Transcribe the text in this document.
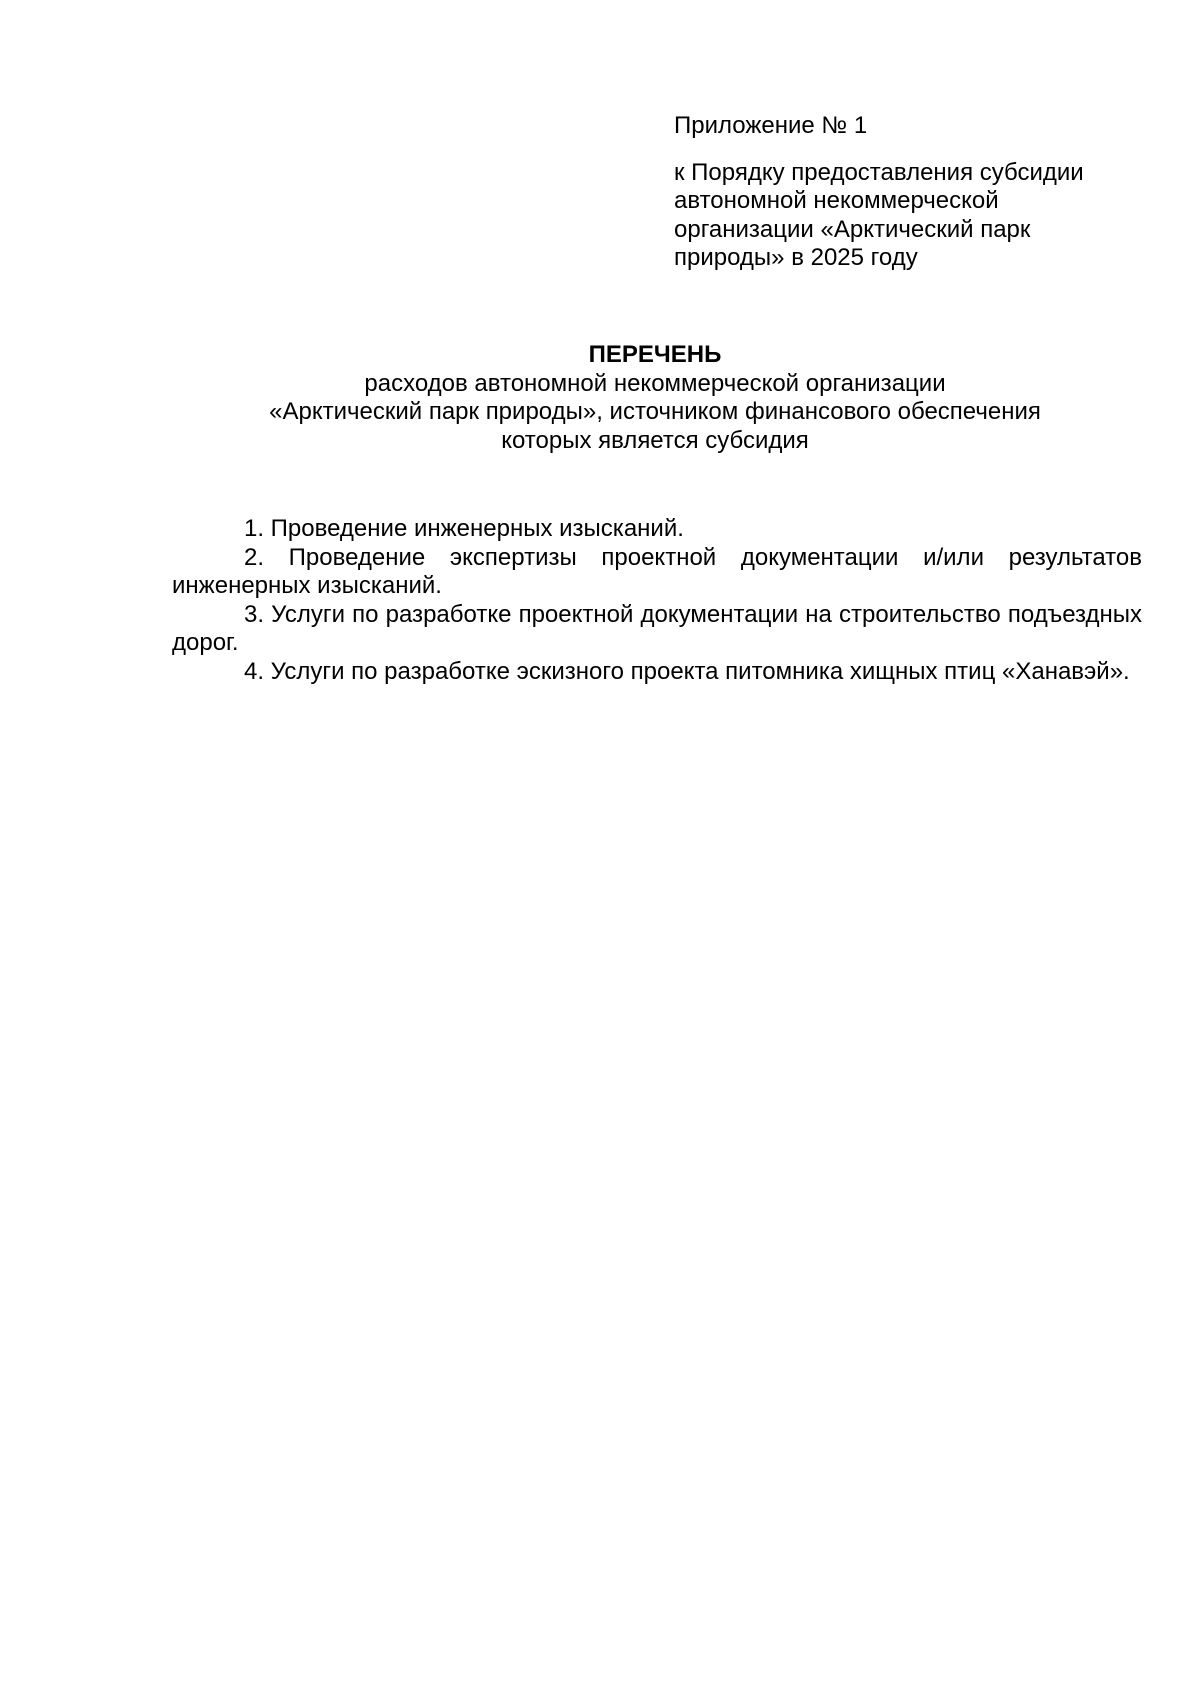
Приложение № 1
к Порядку предоставления субсидии
автономной некоммерческой
организации «Арктический парк
природы» в 2025 году
ПЕРЕЧЕНЬ
расходов автономной некоммерческой организации
«Арктический парк природы», источником финансового обеспечения
которых является субсидия

1. Проведение инженерных изысканий.

2. Проведение экспертизы проектной документации и/или результатов инженерных изысканий.

3. Услуги по разработке проектной документации на строительство подъездных дорог.

4. Услуги по разработке эскизного проекта питомника хищных птиц «Ханавэй».
